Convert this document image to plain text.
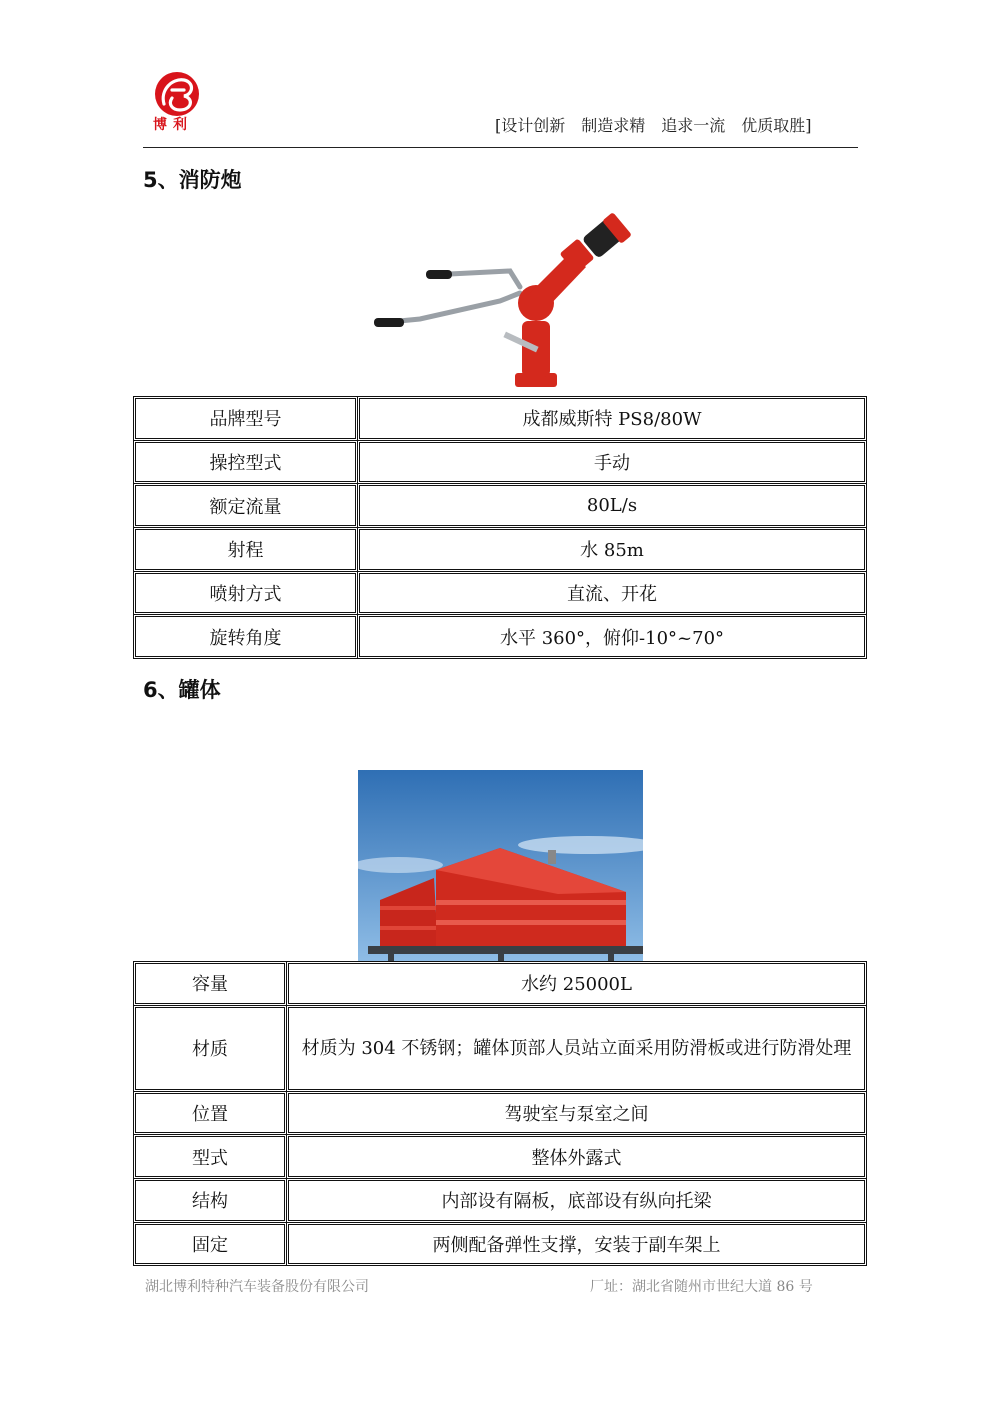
博利	[设计创新　制造求精　追求一流　优质取胜]
5、消防炮
品牌型号	成都威斯特 PS8/80W
操控型式	手动
额定流量	80L/s
射程	水 85m
喷射方式	直流、开花
旋转角度	水平 360°，俯仰-10°~70°
6、罐体
容量	水约 25000L
材质	材质为 304 不锈钢；罐体顶部人员站立面采用防滑板或进行防滑处理
位置	驾驶室与泵室之间
型式	整体外露式
结构	内部设有隔板，底部设有纵向托梁
固定	两侧配备弹性支撑，安装于副车架上
湖北博利特种汽车装备股份有限公司	厂址：湖北省随州市世纪大道 86 号
